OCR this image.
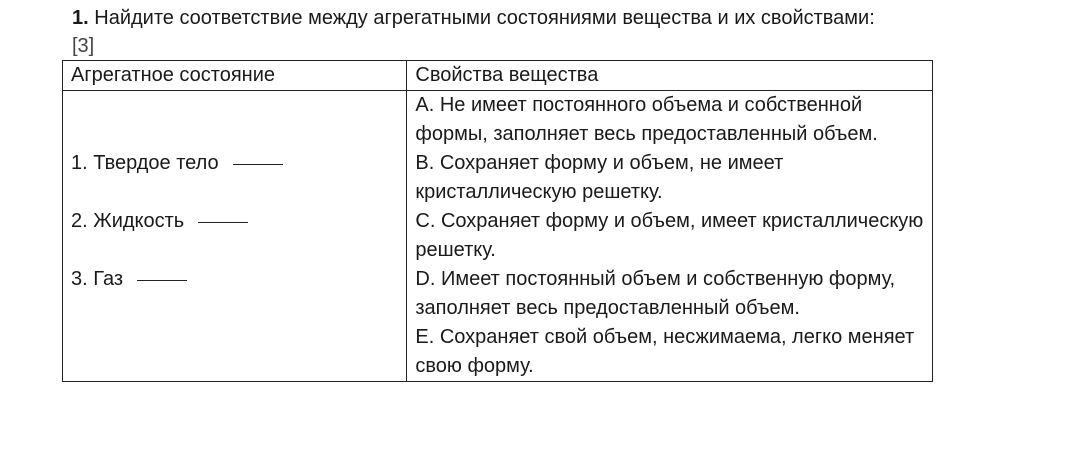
1. Найдите соответствие между агрегатными состояниями вещества и их свойствами:
[3]
Агрегатное состояние	Свойства вещества
	A. Не имеет постоянного объема и собственной формы, заполняет весь предоставленный объем.
1. Твердое тело	B. Сохраняет форму и объем, не имеет кристаллическую решетку.
2. Жидкость	C. Сохраняет форму и объем, имеет кристаллическую решетку.
3. Газ	D. Имеет постоянный объем и собственную форму, заполняет весь предоставленный объем.
	E. Сохраняет свой объем, несжимаема, легко меняет свою форму.
